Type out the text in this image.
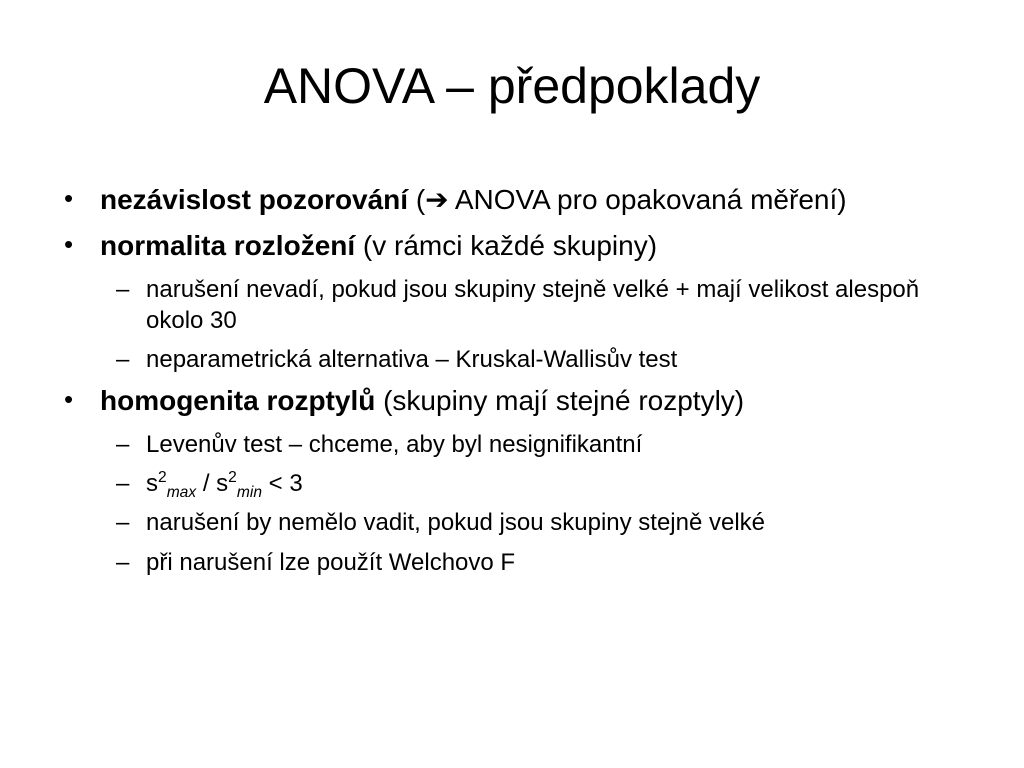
ANOVA – předpoklady
• nezávislost pozorování (➔ ANOVA pro opakovaná měření)
• normalita rozložení (v rámci každé skupiny)
– narušení nevadí, pokud jsou skupiny stejně velké + mají velikost alespoň okolo 30
– neparametrická alternativa – Kruskal-Wallisův test
• homogenita rozptylů (skupiny mají stejné rozptyly)
– Levenův test – chceme, aby byl nesignifikantní
– $s^2_{max} / s^2_{min} < 3$
– narušení by nemělo vadit, pokud jsou skupiny stejně velké
– při narušení lze použít Welchovo F
